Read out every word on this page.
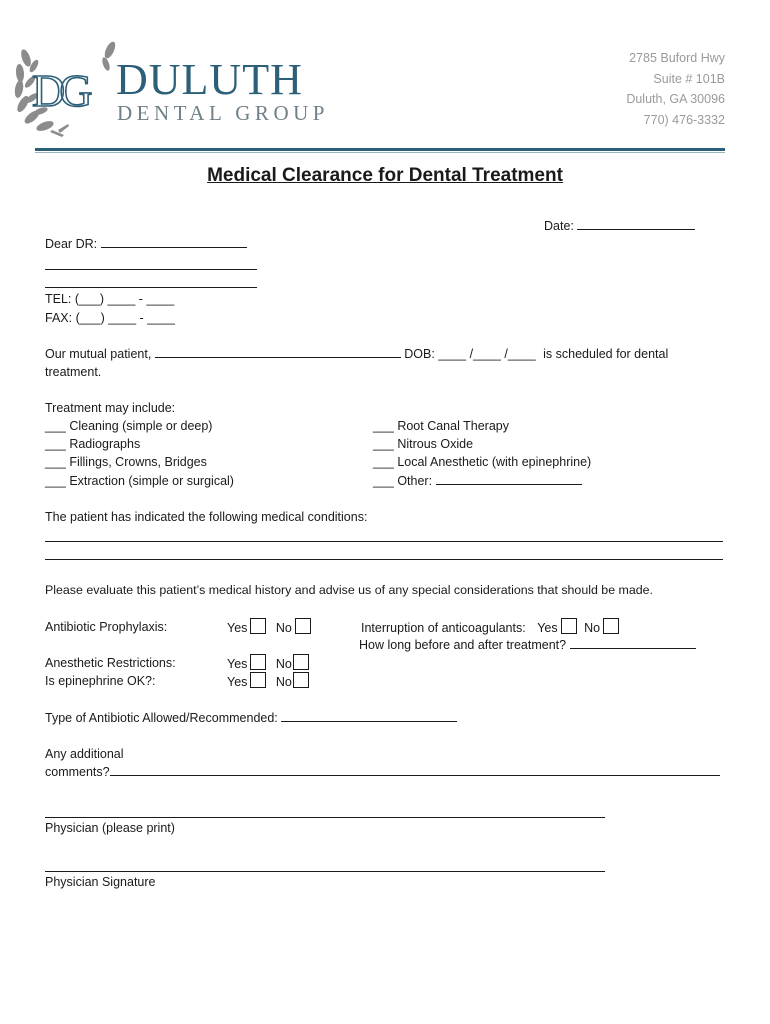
DG DULUTH
DENTAL GROUP
2785 Buford Hwy
Suite # 101B
Duluth, GA 30096
770) 476-3332
Medical Clearance for Dental Treatment
Date:
Dear DR:
TEL: (___) ____ - ____
FAX: (___) ____ - ____
Our mutual patient,	DOB: ____ /____ /____ is scheduled for dental
treatment.
Treatment may include:
___ Cleaning (simple or deep)
___ Radiographs
___ Fillings, Crowns, Bridges
___ Extraction (simple or surgical)
___ Root Canal Therapy
___ Nitrous Oxide
___ Local Anesthetic (with epinephrine)
___ Other:
The patient has indicated the following medical conditions:
Please evaluate this patient’s medical history and advise us of any special considerations that should be made.
Antibiotic Prophylaxis:	Yes No	Interruption of anticoagulants: Yes No
How long before and after treatment?
Anesthetic Restrictions:	Yes No
Is epinephrine OK?:	Yes No
Type of Antibiotic Allowed/Recommended:
Any additional
comments?
Physician (please print)
Physician Signature
